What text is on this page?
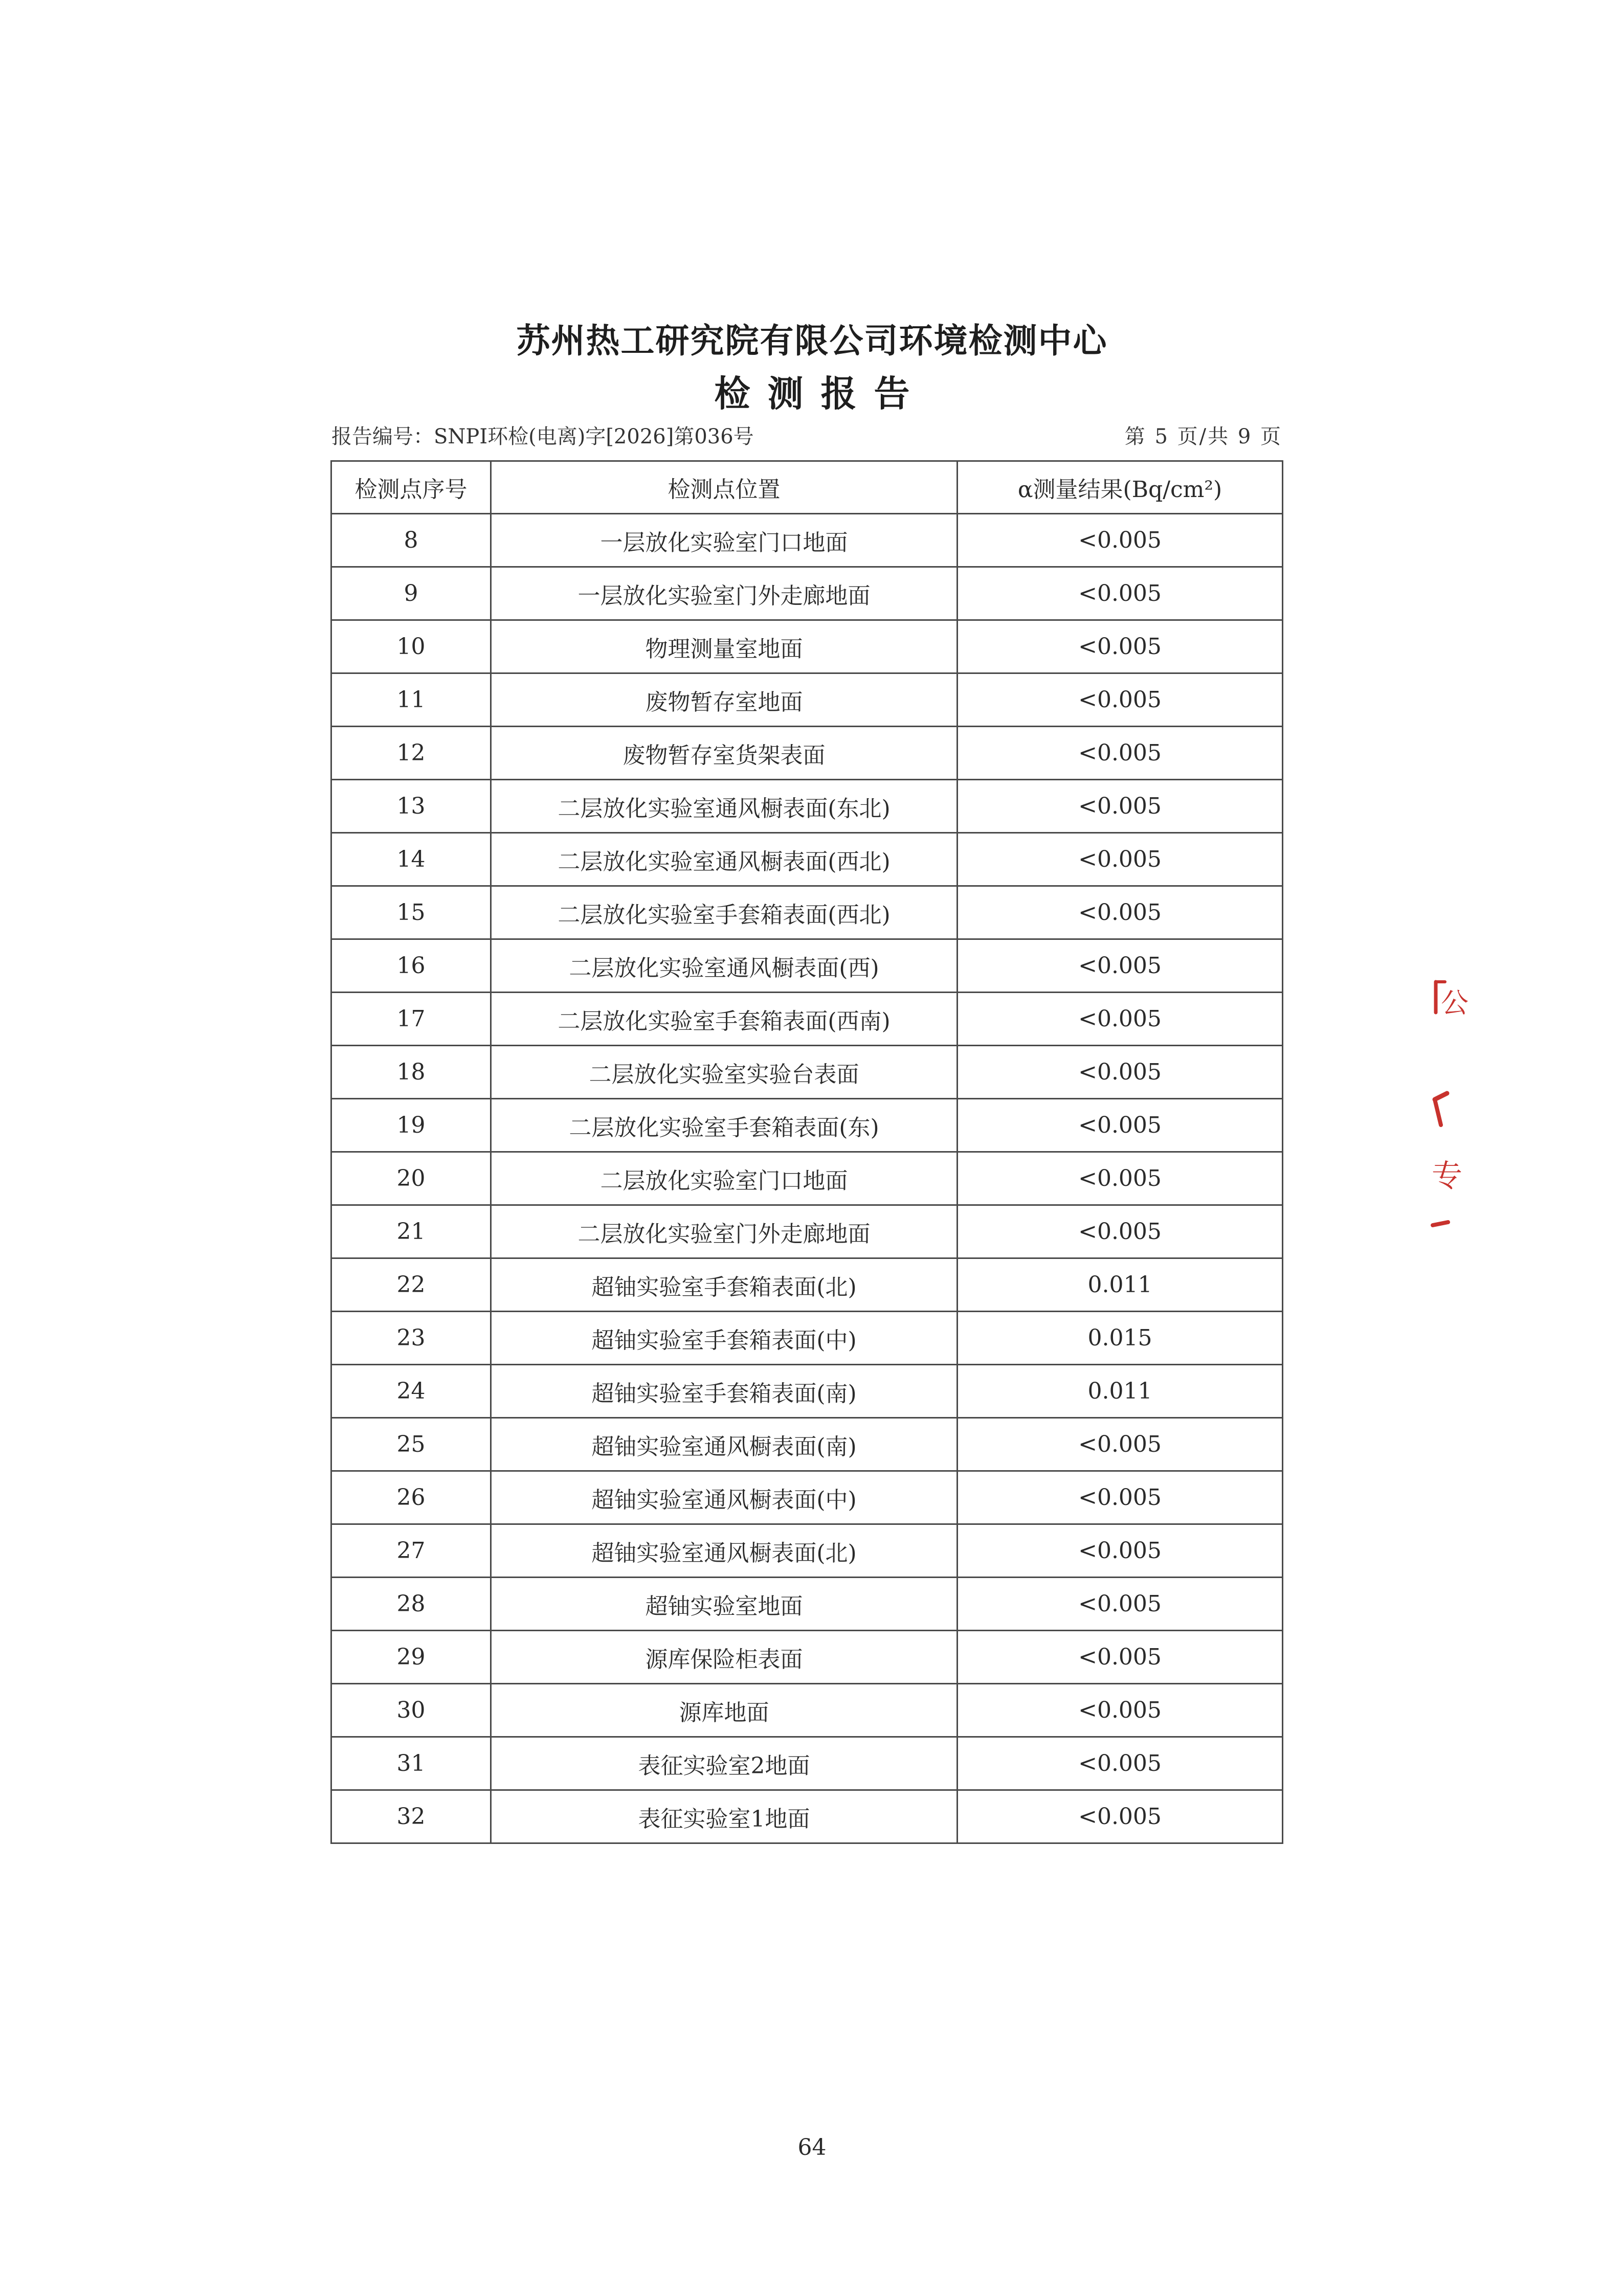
苏州热工研究院有限公司环境检测中心
检测报告
报告编号：SNPI环检(电离)字[2026]第036号	第 5 页/共 9 页
检测点序号	检测点位置	α测量结果(Bq/cm²)
8	一层放化实验室门口地面	<0.005
9	一层放化实验室门外走廊地面	<0.005
10	物理测量室地面	<0.005
11	废物暂存室地面	<0.005
12	废物暂存室货架表面	<0.005
13	二层放化实验室通风橱表面(东北)	<0.005
14	二层放化实验室通风橱表面(西北)	<0.005
15	二层放化实验室手套箱表面(西北)	<0.005
16	二层放化实验室通风橱表面(西)	<0.005
17	二层放化实验室手套箱表面(西南)	<0.005
18	二层放化实验室实验台表面	<0.005
19	二层放化实验室手套箱表面(东)	<0.005
20	二层放化实验室门口地面	<0.005
21	二层放化实验室门外走廊地面	<0.005
22	超铀实验室手套箱表面(北)	0.011
23	超铀实验室手套箱表面(中)	0.015
24	超铀实验室手套箱表面(南)	0.011
25	超铀实验室通风橱表面(南)	<0.005
26	超铀实验室通风橱表面(中)	<0.005
27	超铀实验室通风橱表面(北)	<0.005
28	超铀实验室地面	<0.005
29	源库保险柜表面	<0.005
30	源库地面	<0.005
31	表征实验室2地面	<0.005
32	表征实验室1地面	<0.005
64
公
专
